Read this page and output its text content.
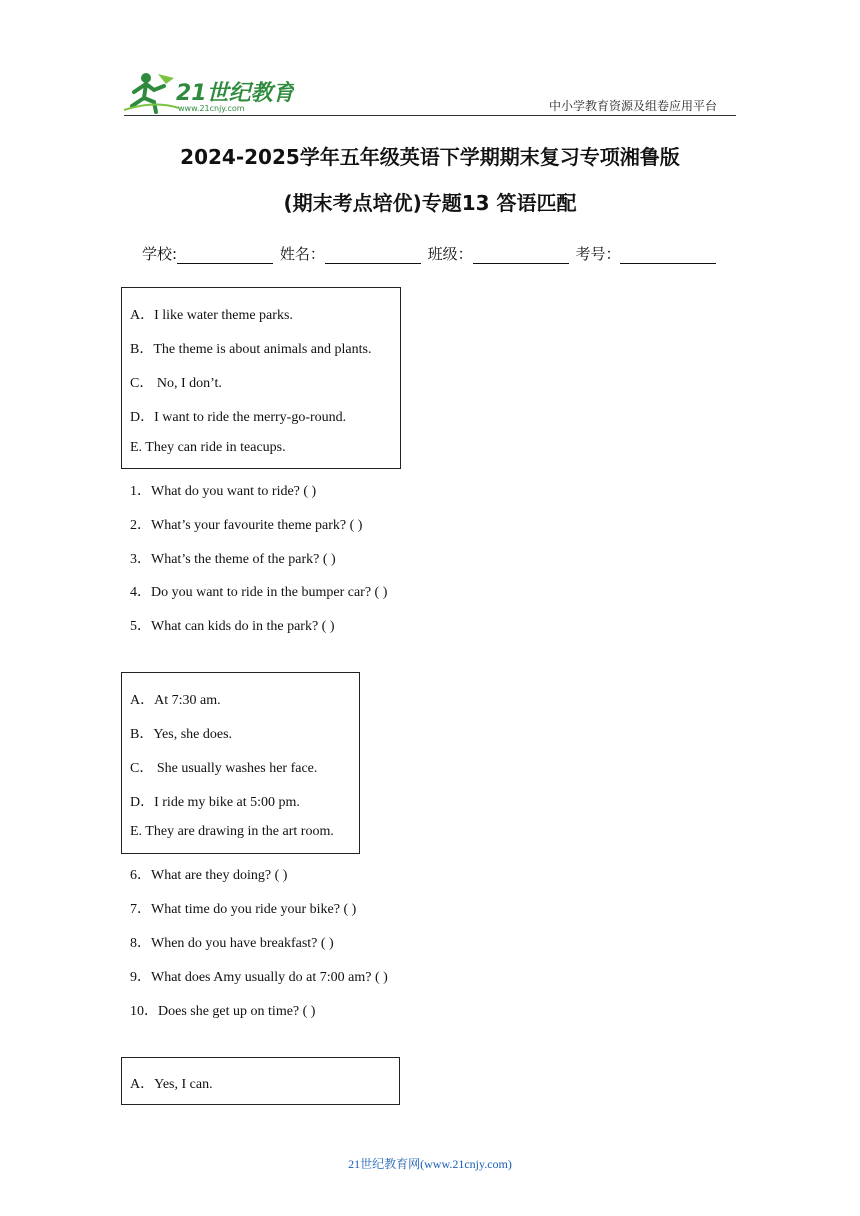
21世纪教育
www.21cnjy.com	中小学教育资源及组卷应用平台
2024-2025学年五年级英语下学期期末复习专项湘鲁版
(期末考点培优)专题13 答语匹配
学校:	姓名：	班级：	考号：
A．I like water theme parks.
B．The theme is about animals and plants.
C． No, I don’t.
D．I want to ride the merry-go-round.
E. They can ride in teacups.
1．What do you want to ride? ( )
2．What’s your favourite theme park? ( )
3．What’s the theme of the park? ( )
4．Do you want to ride in the bumper car? ( )
5．What can kids do in the park? ( )
A．At 7:30 am.
B．Yes, she does.
C． She usually washes her face.
D．I ride my bike at 5:00 pm.
E. They are drawing in the art room.
6．What are they doing? ( )
7．What time do you ride your bike? ( )
8．When do you have breakfast? ( )
9．What does Amy usually do at 7:00 am? ( )
10．Does she get up on time? ( )
A．Yes, I can.
21世纪教育网(www.21cnjy.com)
